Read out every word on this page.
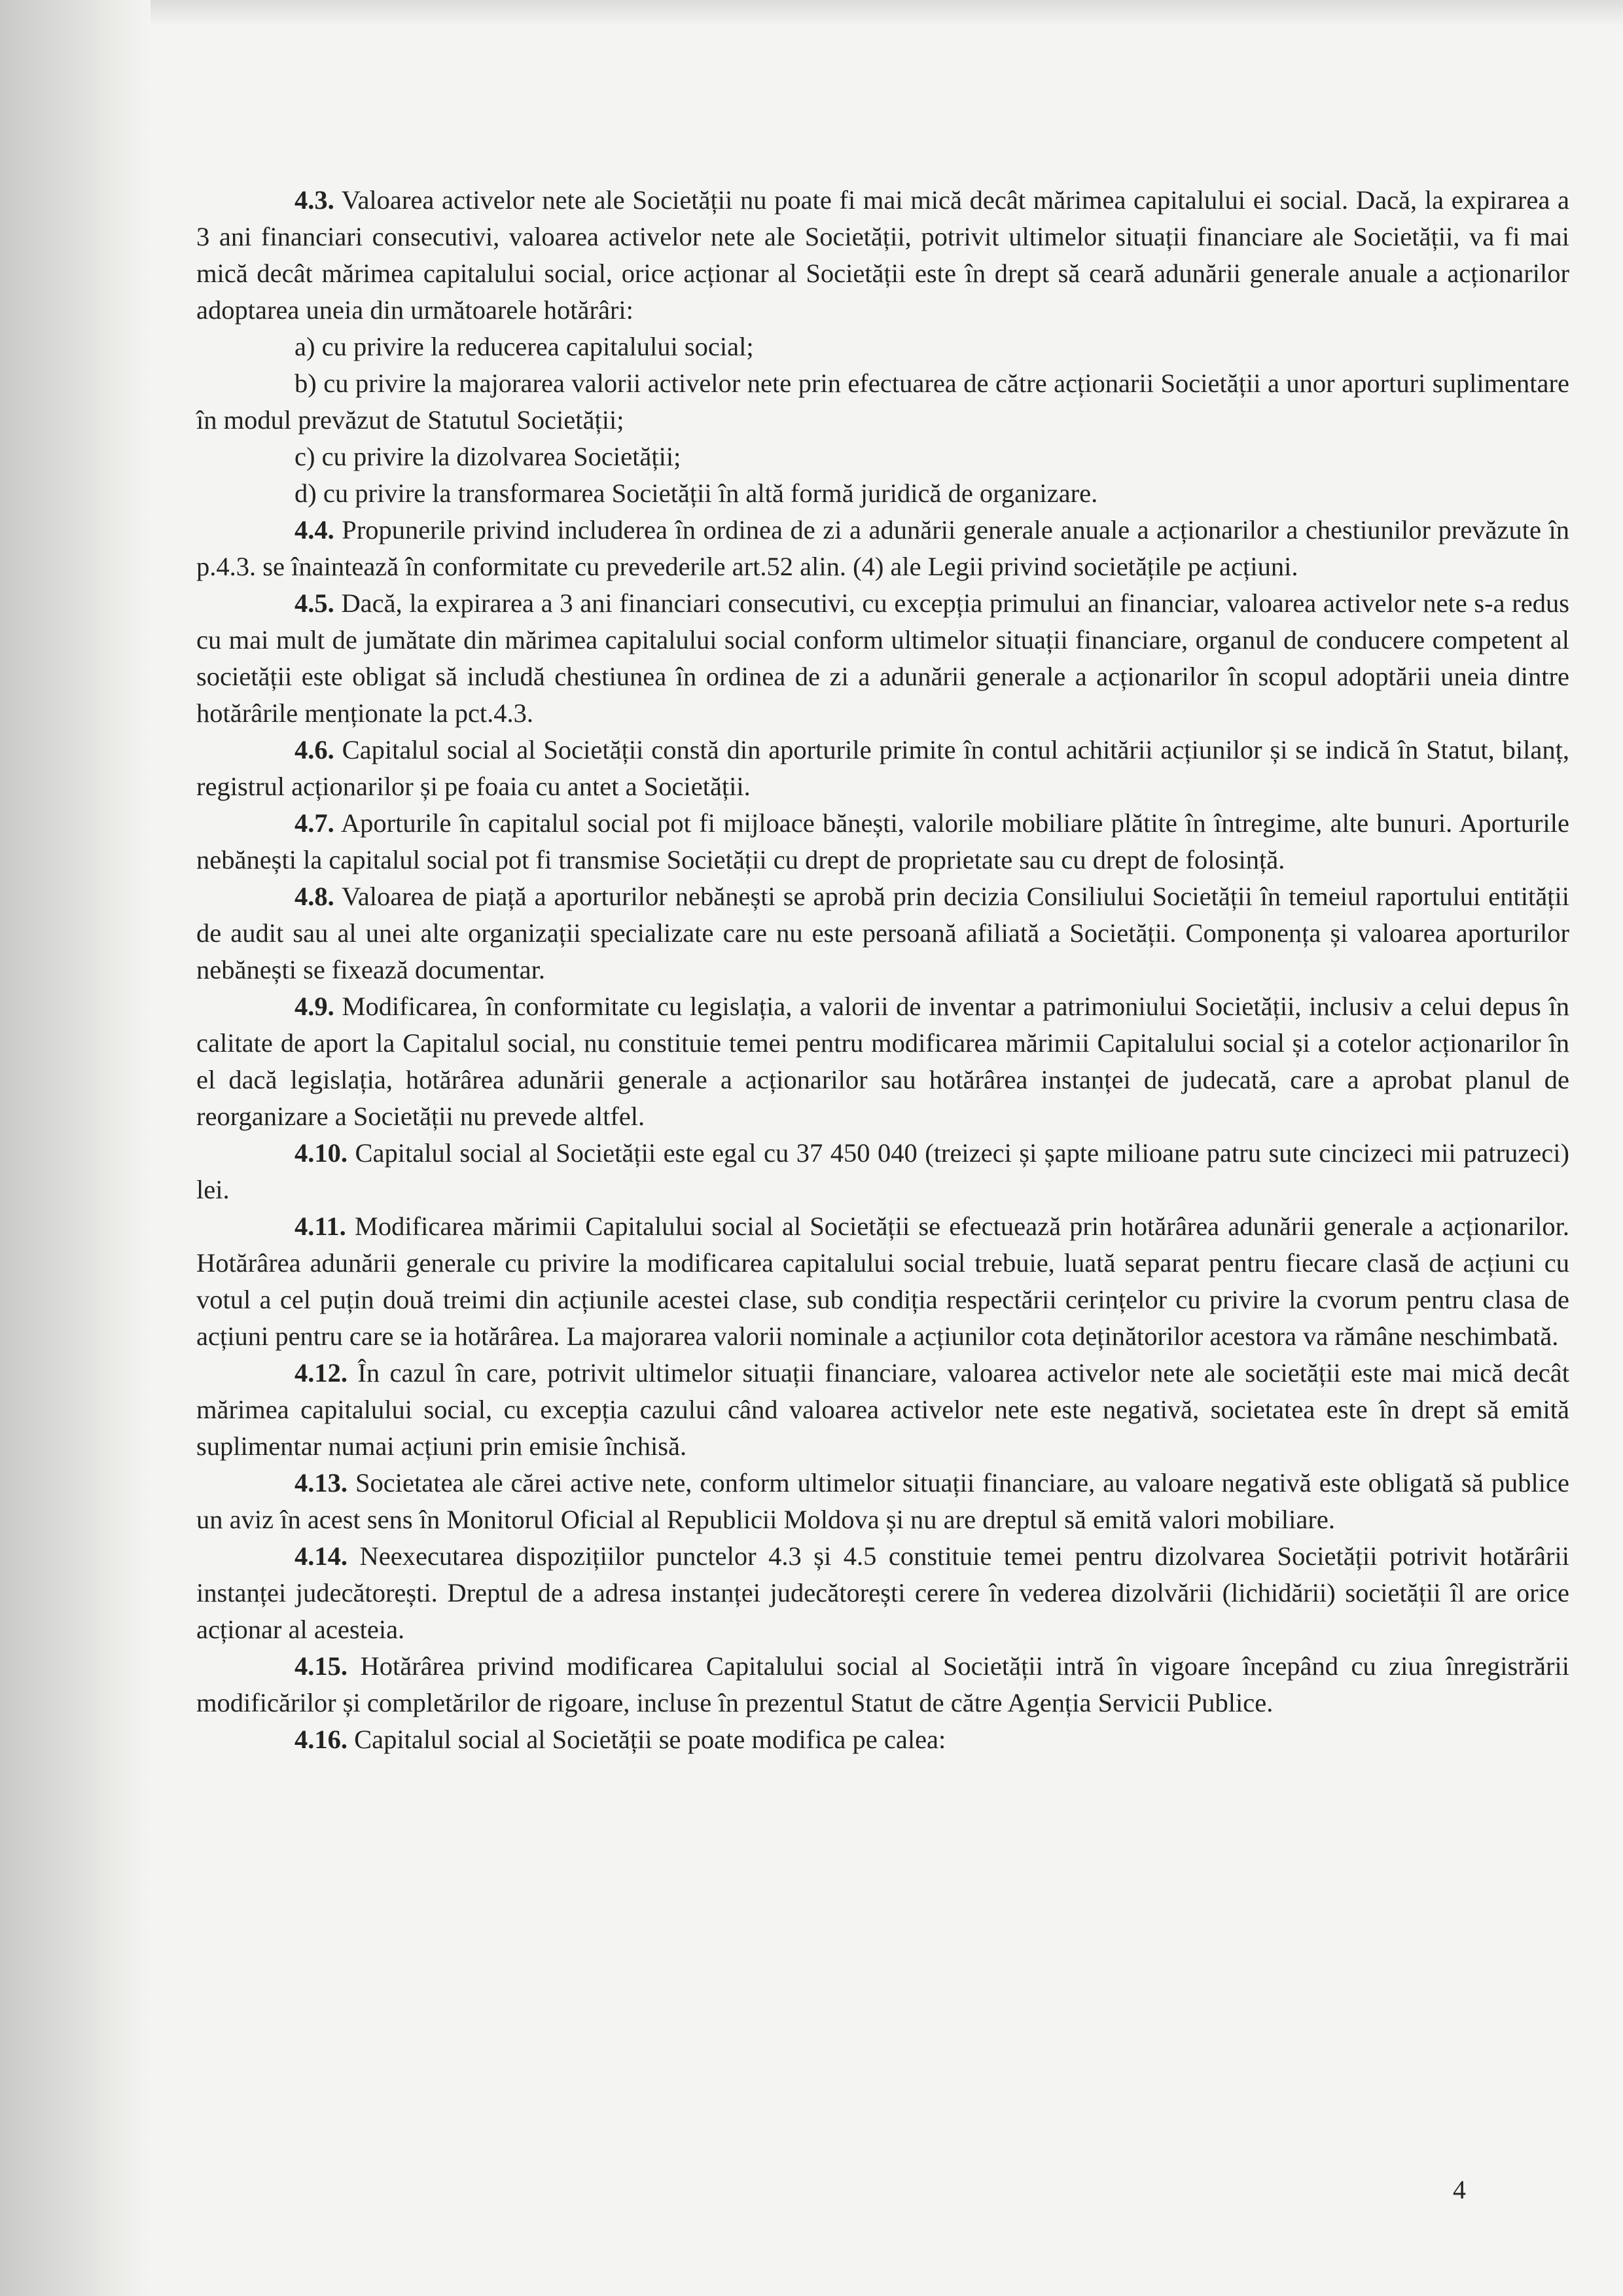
4.3. Valoarea activelor nete ale Societății nu poate fi mai mică decât mărimea capitalului ei social. Dacă, la expirarea a 3 ani financiari consecutivi, valoarea activelor nete ale Societății, potrivit ultimelor situații financiare ale Societății, va fi mai mică decât mărimea capitalului social, orice acționar al Societății este în drept să ceară adunării generale anuale a acționarilor adoptarea uneia din următoarele hotărâri:

a) cu privire la reducerea capitalului social;

b) cu privire la majorarea valorii activelor nete prin efectuarea de către acționarii Societății a unor aporturi suplimentare în modul prevăzut de Statutul Societății;

c) cu privire la dizolvarea Societății;

d) cu privire la transformarea Societății în altă formă juridică de organizare.

4.4. Propunerile privind includerea în ordinea de zi a adunării generale anuale a acționarilor a chestiunilor prevăzute în p.4.3. se înaintează în conformitate cu prevederile art.52 alin. (4) ale Legii privind societățile pe acțiuni.

4.5. Dacă, la expirarea a 3 ani financiari consecutivi, cu excepția primului an financiar, valoarea activelor nete s-a redus cu mai mult de jumătate din mărimea capitalului social conform ultimelor situații financiare, organul de conducere competent al societății este obligat să includă chestiunea în ordinea de zi a adunării generale a acționarilor în scopul adoptării uneia dintre hotărârile menționate la pct.4.3.

4.6. Capitalul social al Societății constă din aporturile primite în contul achitării acțiunilor și se indică în Statut, bilanț, registrul acționarilor și pe foaia cu antet a Societății.

4.7. Aporturile în capitalul social pot fi mijloace bănești, valorile mobiliare plătite în întregime, alte bunuri. Aporturile nebănești la capitalul social pot fi transmise Societății cu drept de proprietate sau cu drept de folosință.

4.8. Valoarea de piață a aporturilor nebănești se aprobă prin decizia Consiliului Societății în temeiul raportului entității de audit sau al unei alte organizații specializate care nu este persoană afiliată a Societății. Componența și valoarea aporturilor nebănești se fixează documentar.

4.9. Modificarea, în conformitate cu legislația, a valorii de inventar a patrimoniului Societății, inclusiv a celui depus în calitate de aport la Capitalul social, nu constituie temei pentru modificarea mărimii Capitalului social și a cotelor acționarilor în el dacă legislația, hotărârea adunării generale a acționarilor sau hotărârea instanței de judecată, care a aprobat planul de reorganizare a Societății nu prevede altfel.

4.10. Capitalul social al Societății este egal cu 37 450 040 (treizeci și șapte milioane patru sute cincizeci mii patruzeci) lei.

4.11. Modificarea mărimii Capitalului social al Societății se efectuează prin hotărârea adunării generale a acționarilor. Hotărârea adunării generale cu privire la modificarea capitalului social trebuie, luată separat pentru fiecare clasă de acțiuni cu votul a cel puțin două treimi din acțiunile acestei clase, sub condiția respectării cerințelor cu privire la cvorum pentru clasa de acțiuni pentru care se ia hotărârea. La majorarea valorii nominale a acțiunilor cota deținătorilor acestora va rămâne neschimbată.

4.12. În cazul în care, potrivit ultimelor situații financiare, valoarea activelor nete ale societății este mai mică decât mărimea capitalului social, cu excepția cazului când valoarea activelor nete este negativă, societatea este în drept să emită suplimentar numai acțiuni prin emisie închisă.

4.13. Societatea ale cărei active nete, conform ultimelor situații financiare, au valoare negativă este obligată să publice un aviz în acest sens în Monitorul Oficial al Republicii Moldova și nu are dreptul să emită valori mobiliare.

4.14. Neexecutarea dispozițiilor punctelor 4.3 și 4.5 constituie temei pentru dizolvarea Societății potrivit hotărârii instanței judecătorești. Dreptul de a adresa instanței judecătorești cerere în vederea dizolvării (lichidării) societății îl are orice acționar al acesteia.

4.15. Hotărârea privind modificarea Capitalului social al Societății intră în vigoare începând cu ziua înregistrării modificărilor și completărilor de rigoare, incluse în prezentul Statut de către Agenția Servicii Publice.

4.16. Capitalul social al Societății se poate modifica pe calea:

4
